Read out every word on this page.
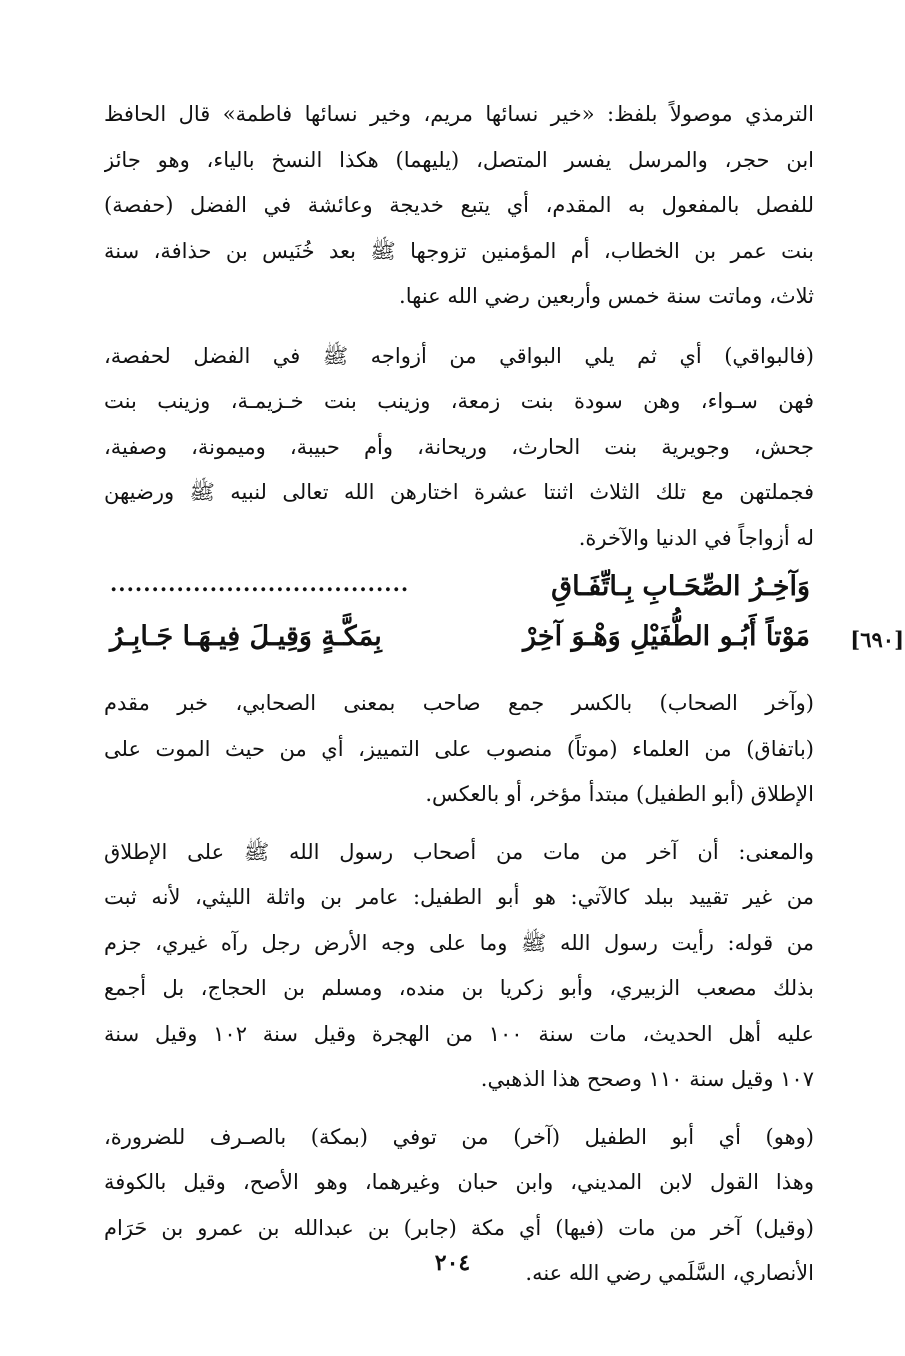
الترمذي موصولاً بلفظ: «خير نسائها مريم، وخير نسائها فاطمة» قال الحافظ
ابن حجر، والمرسل يفسر المتصل، (يليهما) هكذا النسخ بالياء، وهو جائز
للفصل بالمفعول به المقدم، أي يتبع خديجة وعائشة في الفضل (حفصة)
بنت عمر بن الخطاب، أم المؤمنين تزوجها ﷺ بعد خُنَيس بن حذافة، سنة
ثلاث، وماتت سنة خمس وأربعين رضي الله عنها.

(فالبواقي) أي ثم يلي البواقي من أزواجه ﷺ في الفضل لحفصة،
فهن سـواء، وهن سودة بنت زمعة، وزينب بنت خـزيمـة، وزينب بنت
جحش، وجويرية بنت الحارث، وريحانة، وأم حبيبة، وميمونة، وصفية،
فجملتهن مع تلك الثلاث اثنتا عشرة اختارهن الله تعالى لنبيه ﷺ ورضيهن
له أزواجاً في الدنيا والآخرة.

[٦٩٠]
وَآخِـرُ الصِّحَـابِ بِـاتِّفَـاقِ
....................................
مَوْتاً أَبُـو الطُّفَيْلِ وَهْـوَ آخِرْ
بِمَكَّـةٍ وَقِيـلَ فِيـهَـا جَـابِـرُ

(وآخر الصحاب) بالكسر جمع صاحب بمعنى الصحابي، خبر مقدم
(باتفاق) من العلماء (موتاً) منصوب على التمييز، أي من حيث الموت على
الإطلاق (أبو الطفيل) مبتدأ مؤخر، أو بالعكس.

والمعنى: أن آخر من مات من أصحاب رسول الله ﷺ على الإطلاق
من غير تقييد ببلد كالآتي: هو أبو الطفيل: عامر بن واثلة الليثي، لأنه ثبت
من قوله: رأيت رسول الله ﷺ وما على وجه الأرض رجل رآه غيري، جزم
بذلك مصعب الزبيري، وأبو زكريا بن منده، ومسلم بن الحجاج، بل أجمع
عليه أهل الحديث، مات سنة ١٠٠ من الهجرة وقيل سنة ١٠٢ وقيل سنة
١٠٧ وقيل سنة ١١٠ وصحح هذا الذهبي.

(وهو) أي أبو الطفيل (آخر) من توفي (بمكة) بالصـرف للضرورة،
وهذا القول لابن المديني، وابن حبان وغيرهما، وهو الأصح، وقيل بالكوفة
(وقيل) آخر من مات (فيها) أي مكة (جابر) بن عبدالله بن عمرو بن حَرَام
الأنصاري، السَّلَمي رضي الله عنه.

٢٠٤
